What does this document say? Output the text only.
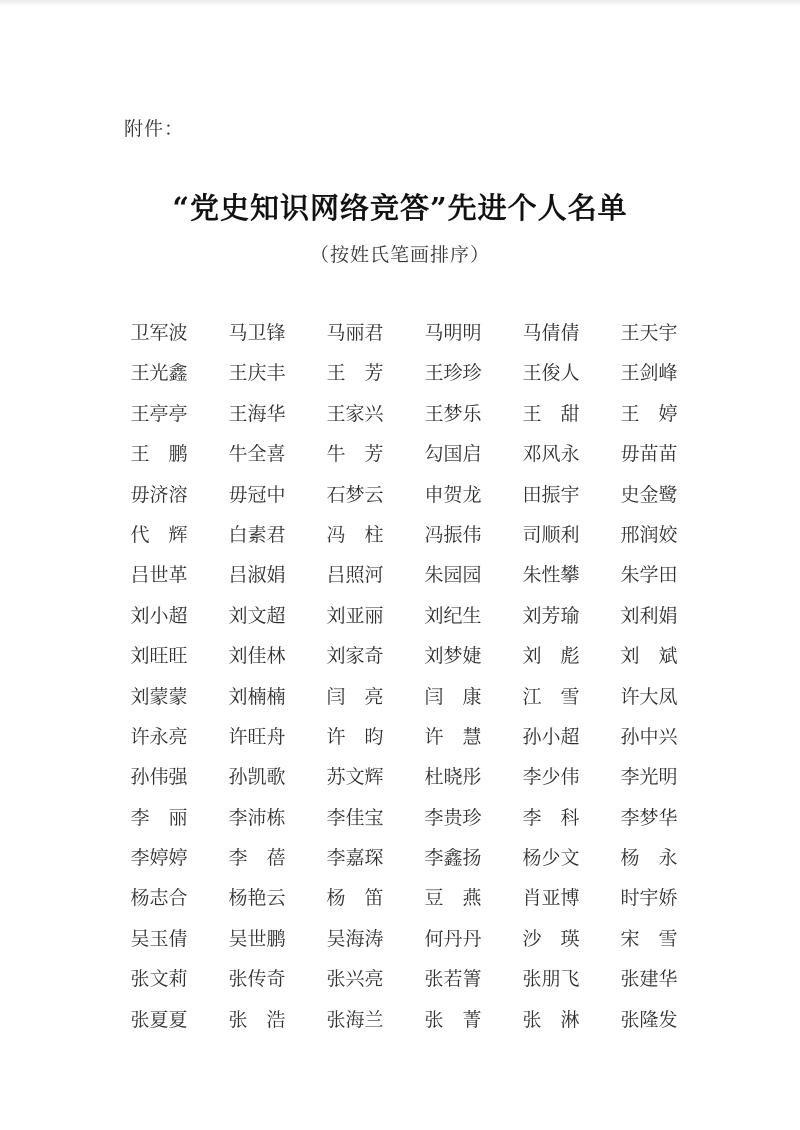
附件：
“党史知识网络竞答”先进个人名单

（按姓氏笔画排序）

卫军波	马卫锋	马丽君	马明明	马倩倩	王天宇
王光鑫	王庆丰	王　芳	王珍珍	王俊人	王剑峰
王亭亭	王海华	王家兴	王梦乐	王　甜	王　婷
王　鹏	牛全喜	牛　芳	勾国启	邓风永	毋苗苗
毋济溶	毋冠中	石梦云	申贺龙	田振宇	史金鹭
代　辉	白素君	冯　柱	冯振伟	司顺利	邢润姣
吕世革	吕淑娟	吕照河	朱园园	朱性攀	朱学田
刘小超	刘文超	刘亚丽	刘纪生	刘芳瑜	刘利娟
刘旺旺	刘佳林	刘家奇	刘梦婕	刘　彪	刘　斌
刘蒙蒙	刘楠楠	闫　亮	闫　康	江　雪	许大凤
许永亮	许旺舟	许　昀	许　慧	孙小超	孙中兴
孙伟强	孙凯歌	苏文辉	杜晓彤	李少伟	李光明
李　丽	李沛栋	李佳宝	李贵珍	李　科	李梦华
李婷婷	李　蓓	李嘉琛	李鑫扬	杨少文	杨　永
杨志合	杨艳云	杨　笛	豆　燕	肖亚博	时宇娇
吴玉倩	吴世鹏	吴海涛	何丹丹	沙　瑛	宋　雪
张文莉	张传奇	张兴亮	张若箐	张朋飞	张建华
张夏夏	张　浩	张海兰	张　菁	张　淋	张隆发
